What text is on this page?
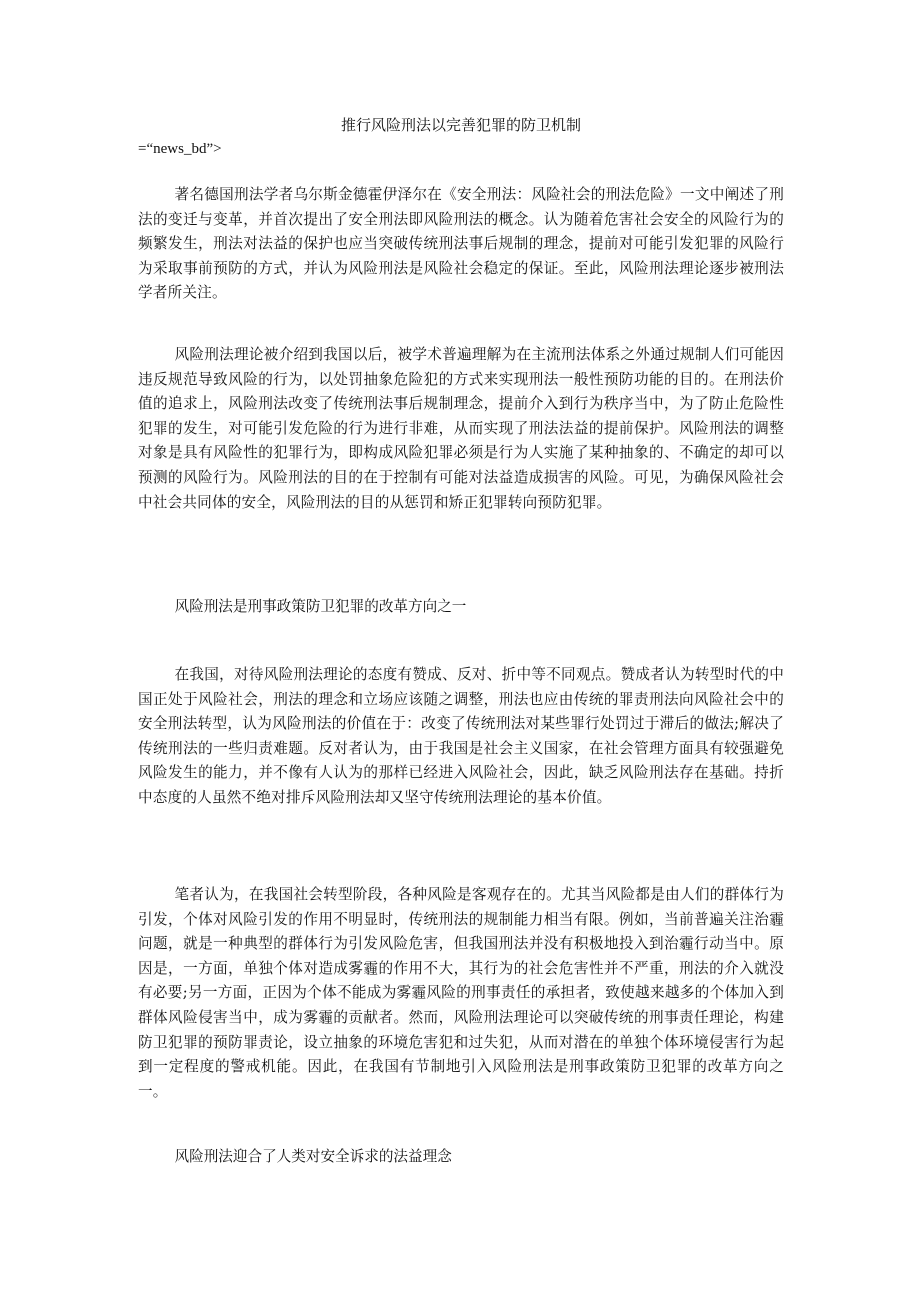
推行风险刑法以完善犯罪的防卫机制
=“news_bd”>

著名德国刑法学者乌尔斯金德霍伊泽尔在《安全刑法：风险社会的刑法危险》一文中阐述了刑法的变迁与变革，并首次提出了安全刑法即风险刑法的概念。认为随着危害社会安全的风险行为的频繁发生，刑法对法益的保护也应当突破传统刑法事后规制的理念，提前对可能引发犯罪的风险行为采取事前预防的方式，并认为风险刑法是风险社会稳定的保证。至此，风险刑法理论逐步被刑法学者所关注。

风险刑法理论被介绍到我国以后，被学术普遍理解为在主流刑法体系之外通过规制人们可能因违反规范导致风险的行为，以处罚抽象危险犯的方式来实现刑法一般性预防功能的目的。在刑法价值的追求上，风险刑法改变了传统刑法事后规制理念，提前介入到行为秩序当中，为了防止危险性犯罪的发生，对可能引发危险的行为进行非难，从而实现了刑法法益的提前保护。风险刑法的调整对象是具有风险性的犯罪行为，即构成风险犯罪必须是行为人实施了某种抽象的、不确定的却可以预测的风险行为。风险刑法的目的在于控制有可能对法益造成损害的风险。可见，为确保风险社会中社会共同体的安全，风险刑法的目的从惩罚和矫正犯罪转向预防犯罪。

风险刑法是刑事政策防卫犯罪的改革方向之一

在我国，对待风险刑法理论的态度有赞成、反对、折中等不同观点。赞成者认为转型时代的中国正处于风险社会，刑法的理念和立场应该随之调整，刑法也应由传统的罪责刑法向风险社会中的安全刑法转型，认为风险刑法的价值在于：改变了传统刑法对某些罪行处罚过于滞后的做法;解决了传统刑法的一些归责难题。反对者认为，由于我国是社会主义国家，在社会管理方面具有较强避免风险发生的能力，并不像有人认为的那样已经进入风险社会，因此，缺乏风险刑法存在基础。持折中态度的人虽然不绝对排斥风险刑法却又坚守传统刑法理论的基本价值。

笔者认为，在我国社会转型阶段，各种风险是客观存在的。尤其当风险都是由人们的群体行为引发，个体对风险引发的作用不明显时，传统刑法的规制能力相当有限。例如，当前普遍关注治霾问题，就是一种典型的群体行为引发风险危害，但我国刑法并没有积极地投入到治霾行动当中。原因是，一方面，单独个体对造成雾霾的作用不大，其行为的社会危害性并不严重，刑法的介入就没有必要;另一方面，正因为个体不能成为雾霾风险的刑事责任的承担者，致使越来越多的个体加入到群体风险侵害当中，成为雾霾的贡献者。然而，风险刑法理论可以突破传统的刑事责任理论，构建防卫犯罪的预防罪责论，设立抽象的环境危害犯和过失犯，从而对潜在的单独个体环境侵害行为起到一定程度的警戒机能。因此，在我国有节制地引入风险刑法是刑事政策防卫犯罪的改革方向之一。

风险刑法迎合了人类对安全诉求的法益理念
